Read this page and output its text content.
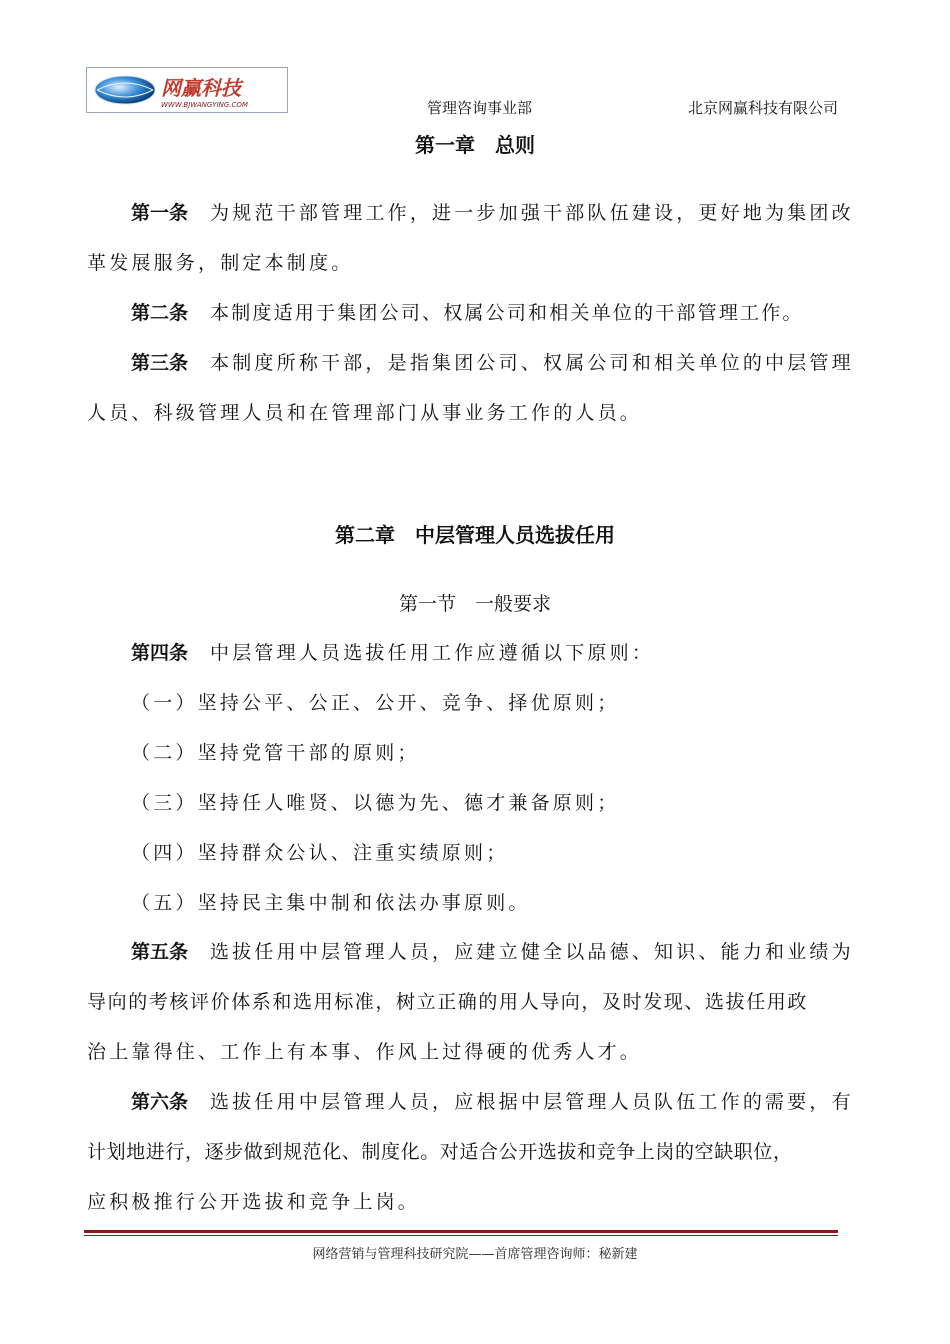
网赢科技
WWW.BJWANGYING.COM	管理咨询事业部	北京网赢科技有限公司
第一章　总则
第一条 为规范干部管理工作，进一步加强干部队伍建设，更好地为集团改
革发展服务，制定本制度。
第二条 本制度适用于集团公司、权属公司和相关单位的干部管理工作。
第三条 本制度所称干部，是指集团公司、权属公司和相关单位的中层管理
人员、科级管理人员和在管理部门从事业务工作的人员。
第二章　中层管理人员选拔任用
第一节　一般要求
第四条 中层管理人员选拔任用工作应遵循以下原则：
（一）坚持公平、公正、公开、竞争、择优原则；
（二）坚持党管干部的原则；
（三）坚持任人唯贤、以德为先、德才兼备原则；
（四）坚持群众公认、注重实绩原则；
（五）坚持民主集中制和依法办事原则。
第五条 选拔任用中层管理人员，应建立健全以品德、知识、能力和业绩为
导向的考核评价体系和选用标准，树立正确的用人导向，及时发现、选拔任用政
治上靠得住、工作上有本事、作风上过得硬的优秀人才。
第六条 选拔任用中层管理人员，应根据中层管理人员队伍工作的需要，有
计划地进行，逐步做到规范化、制度化。对适合公开选拔和竞争上岗的空缺职位，
应积极推行公开选拔和竞争上岗。
网络营销与管理科技研究院——首席管理咨询师：秘新建
